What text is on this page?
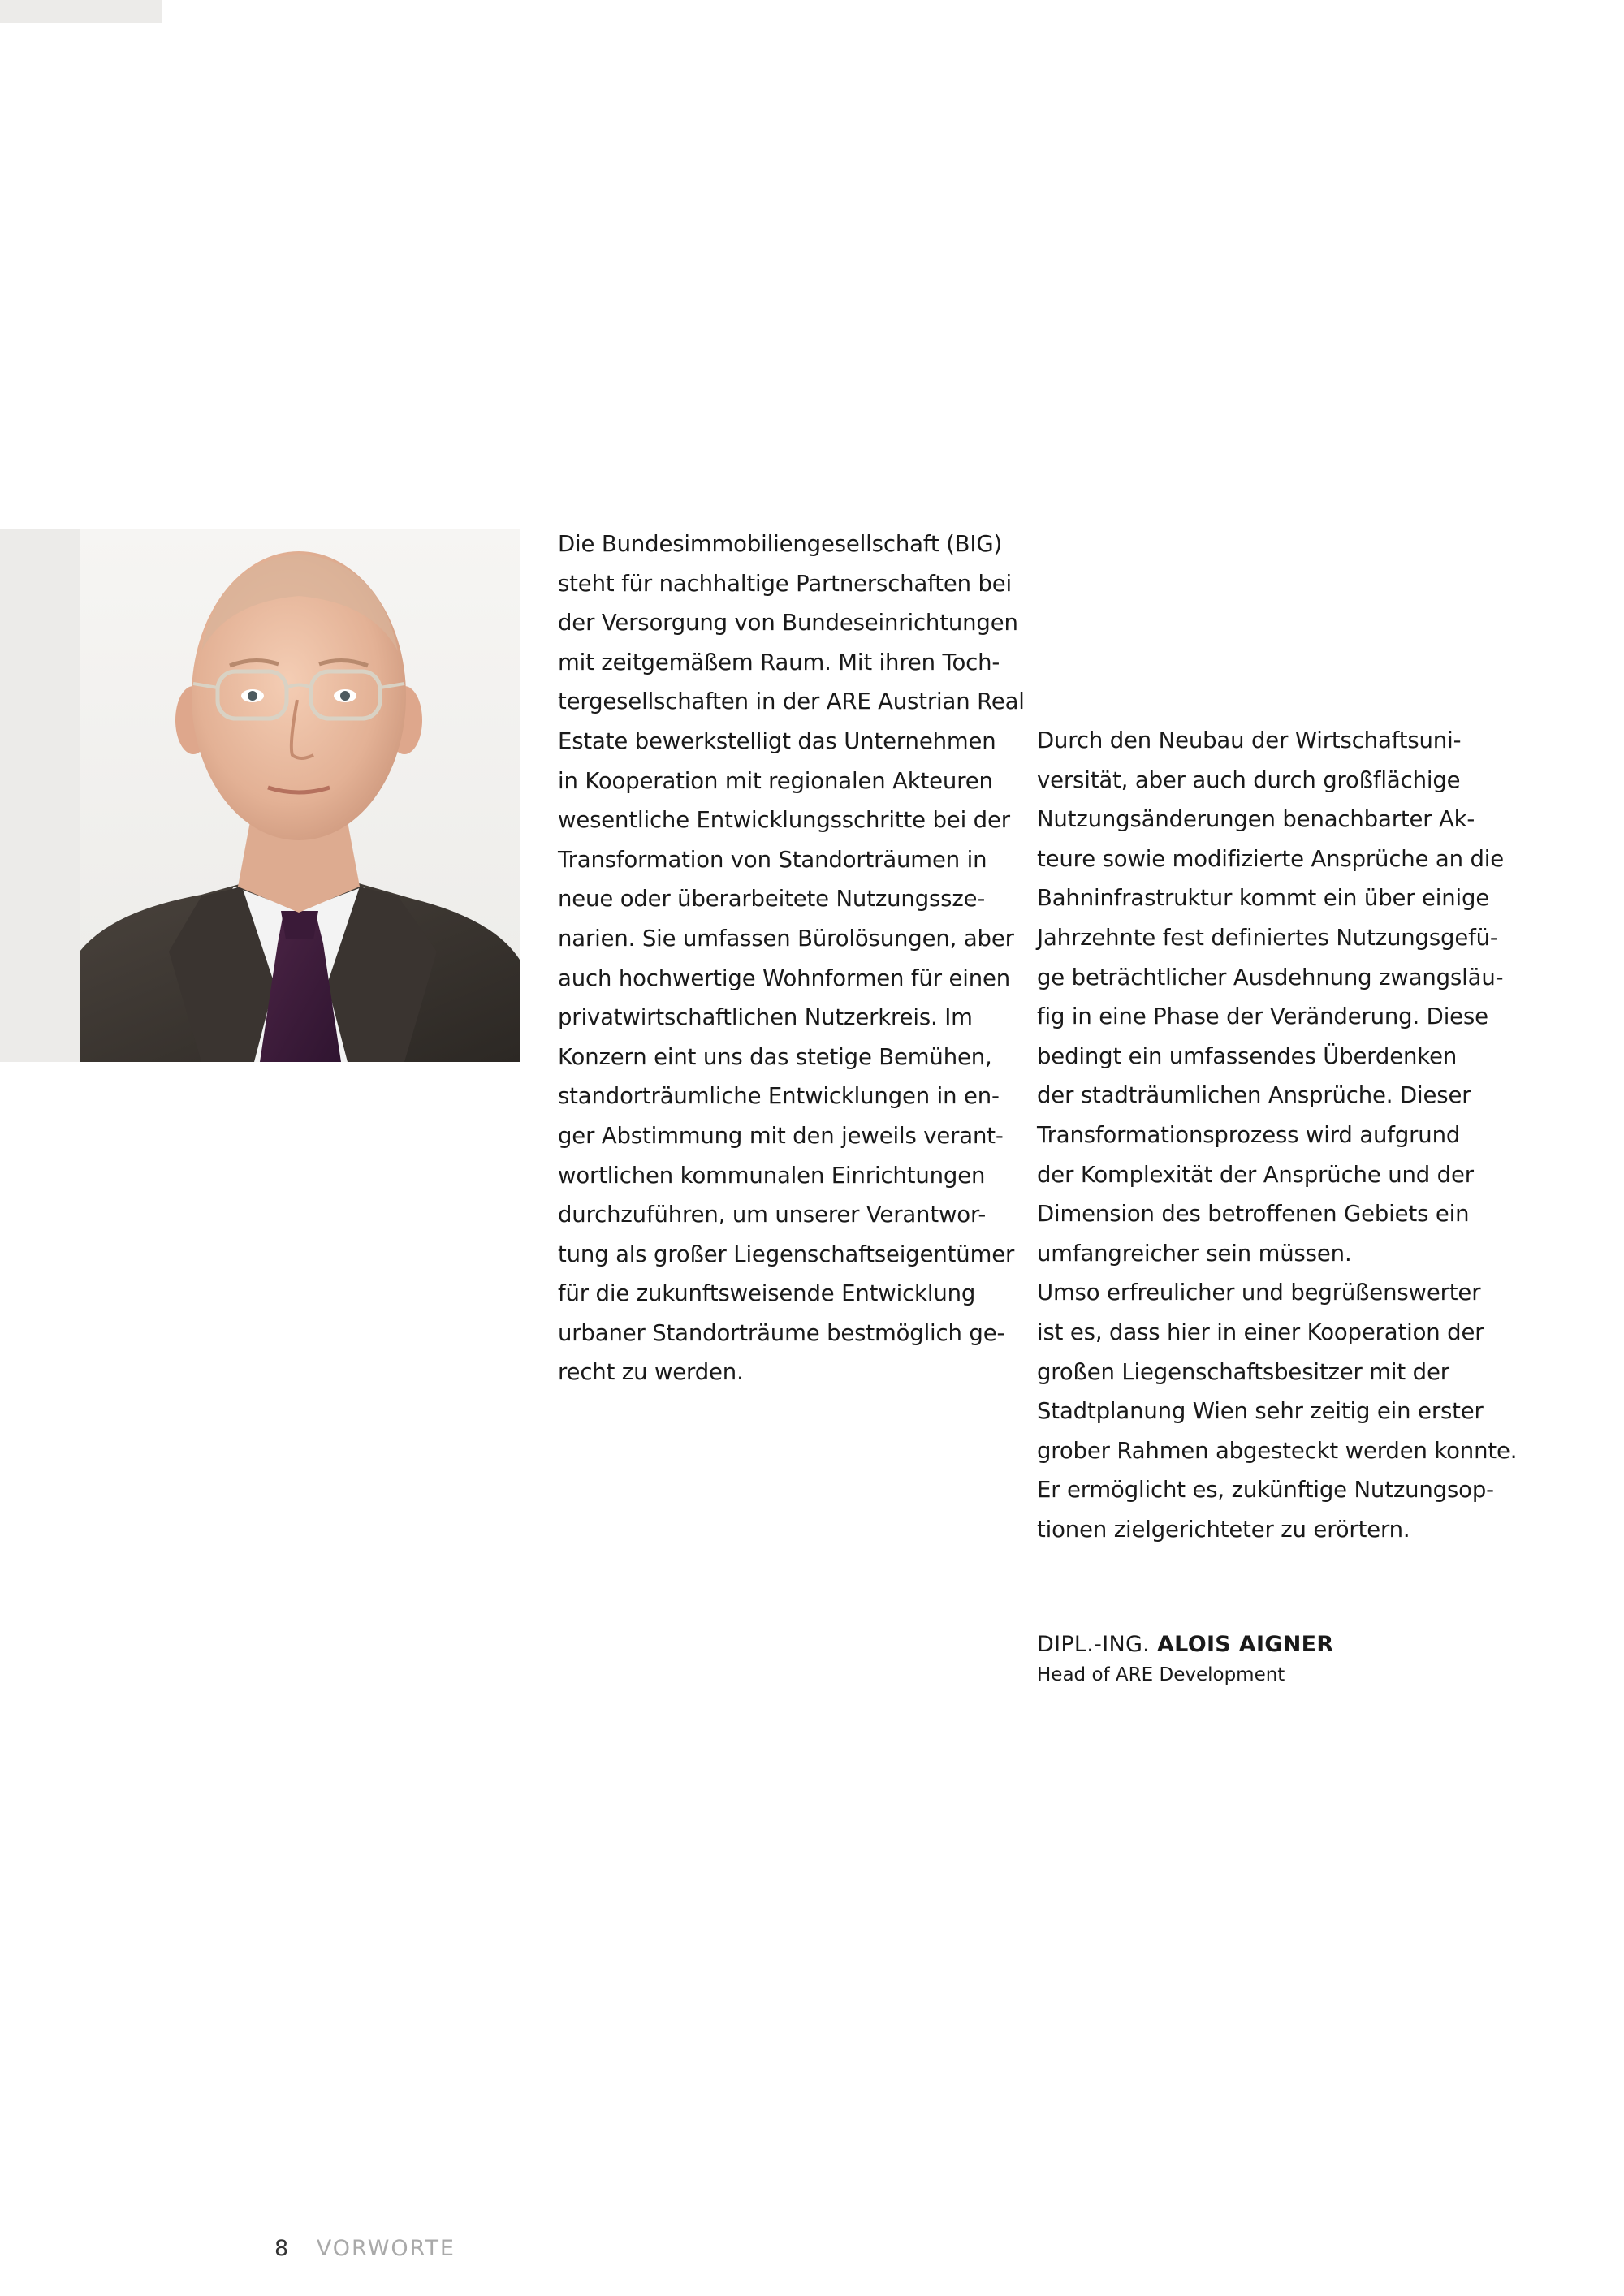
Die Bundesimmobiliengesellschaft (BIG)
steht für nachhaltige Partnerschaften bei
der Versorgung von Bundeseinrichtungen
mit zeitgemäßem Raum. Mit ihren Toch-
tergesellschaften in der ARE Austrian Real
Estate bewerkstelligt das Unternehmen
in Kooperation mit regionalen Akteuren
wesentliche Entwicklungsschritte bei der
Transformation von Standorträumen in
neue oder überarbeitete Nutzungssze-
narien. Sie umfassen Bürolösungen, aber
auch hochwertige Wohnformen für einen
privatwirtschaftlichen Nutzerkreis. Im
Konzern eint uns das stetige Bemühen,
standorträumliche Entwicklungen in en-
ger Abstimmung mit den jeweils verant-
wortlichen kommunalen Einrichtungen
durchzuführen, um unserer Verantwor-
tung als großer Liegenschaftseigentümer
für die zukunftsweisende Entwicklung
urbaner Standorträume bestmöglich ge-
recht zu werden.

Durch den Neubau der Wirtschaftsuni-
versität, aber auch durch großflächige
Nutzungsänderungen benachbarter Ak-
teure sowie modifizierte Ansprüche an die
Bahninfrastruktur kommt ein über einige
Jahrzehnte fest definiertes Nutzungsgefü-
ge beträchtlicher Ausdehnung zwangsläu-
fig in eine Phase der Veränderung. Diese
bedingt ein umfassendes Überdenken
der stadträumlichen Ansprüche. Dieser
Transformationsprozess wird aufgrund
der Komplexität der Ansprüche und der
Dimension des betroffenen Gebiets ein
umfangreicher sein müssen.
Umso erfreulicher und begrüßenswerter
ist es, dass hier in einer Kooperation der
großen Liegenschaftsbesitzer mit der
Stadtplanung Wien sehr zeitig ein erster
grober Rahmen abgesteckt werden konnte.
Er ermöglicht es, zukünftige Nutzungsop-
tionen zielgerichteter zu erörtern.

DIPL.-ING. ALOIS AIGNER
Head of ARE Development
8 VORWORTE
